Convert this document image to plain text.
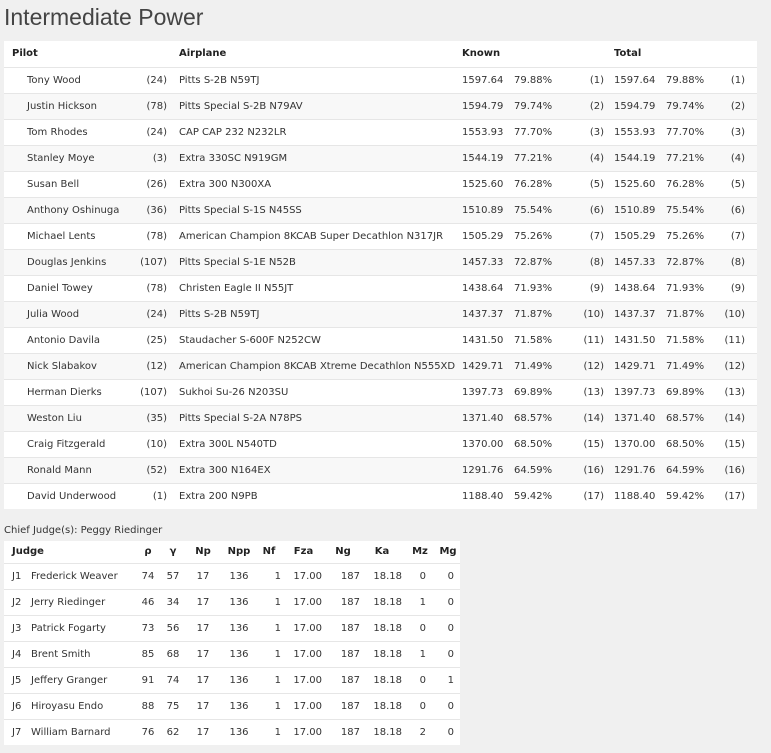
Intermediate Power
Pilot			Airplane	Known				Total		
Tony Wood	(24)		Pitts S-2B N59TJ	1597.64	79.88%	(1)		1597.64	79.88%	(1)
Justin Hickson	(78)		Pitts Special S-2B N79AV	1594.79	79.74%	(2)		1594.79	79.74%	(2)
Tom Rhodes	(24)		CAP CAP 232 N232LR	1553.93	77.70%	(3)		1553.93	77.70%	(3)
Stanley Moye	(3)		Extra 330SC N919GM	1544.19	77.21%	(4)		1544.19	77.21%	(4)
Susan Bell	(26)		Extra 300 N300XA	1525.60	76.28%	(5)		1525.60	76.28%	(5)
Anthony Oshinuga	(36)		Pitts Special S-1S N45SS	1510.89	75.54%	(6)		1510.89	75.54%	(6)
Michael Lents	(78)		American Champion 8KCAB Super Decathlon N317JR	1505.29	75.26%	(7)		1505.29	75.26%	(7)
Douglas Jenkins	(107)		Pitts Special S-1E N52B	1457.33	72.87%	(8)		1457.33	72.87%	(8)
Daniel Towey	(78)		Christen Eagle II N55JT	1438.64	71.93%	(9)		1438.64	71.93%	(9)
Julia Wood	(24)		Pitts S-2B N59TJ	1437.37	71.87%	(10)		1437.37	71.87%	(10)
Antonio Davila	(25)		Staudacher S-600F N252CW	1431.50	71.58%	(11)		1431.50	71.58%	(11)
Nick Slabakov	(12)		American Champion 8KCAB Xtreme Decathlon N555XD	1429.71	71.49%	(12)		1429.71	71.49%	(12)
Herman Dierks	(107)		Sukhoi Su-26 N203SU	1397.73	69.89%	(13)		1397.73	69.89%	(13)
Weston Liu	(35)		Pitts Special S-2A N78PS	1371.40	68.57%	(14)		1371.40	68.57%	(14)
Craig Fitzgerald	(10)		Extra 300L N540TD	1370.00	68.50%	(15)		1370.00	68.50%	(15)
Ronald Mann	(52)		Extra 300 N164EX	1291.76	64.59%	(16)		1291.76	64.59%	(16)
David Underwood	(1)		Extra 200 N9PB	1188.40	59.42%	(17)		1188.40	59.42%	(17)
Chief Judge(s): Peggy Riedinger
Judge		ρ	γ	Np	Npp	Nf	Fza	Ng	Ka	Mz	Mg
J1	Frederick Weaver	74	57	17	136	1	17.00	187	18.18	0	0
J2	Jerry Riedinger	46	34	17	136	1	17.00	187	18.18	1	0
J3	Patrick Fogarty	73	56	17	136	1	17.00	187	18.18	0	0
J4	Brent Smith	85	68	17	136	1	17.00	187	18.18	1	0
J5	Jeffery Granger	91	74	17	136	1	17.00	187	18.18	0	1
J6	Hiroyasu Endo	88	75	17	136	1	17.00	187	18.18	0	0
J7	William Barnard	76	62	17	136	1	17.00	187	18.18	2	0
